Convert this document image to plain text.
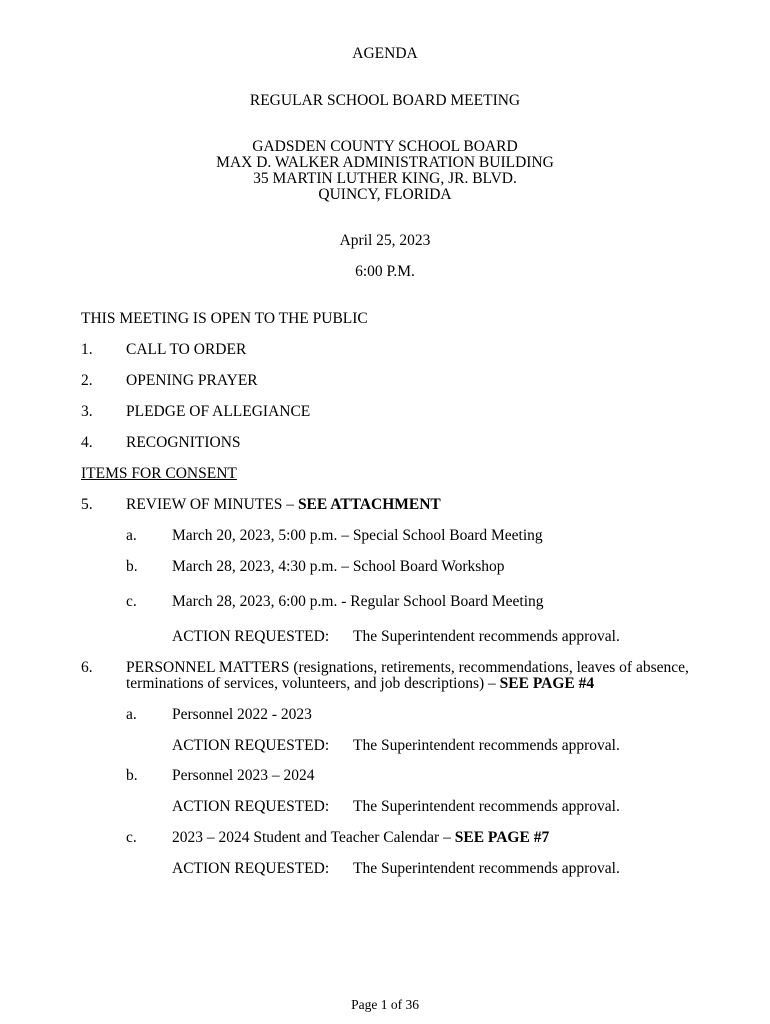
AGENDA
REGULAR SCHOOL BOARD MEETING
GADSDEN COUNTY SCHOOL BOARD
MAX D. WALKER ADMINISTRATION BUILDING
35 MARTIN LUTHER KING, JR. BLVD.
QUINCY, FLORIDA
April 25, 2023
6:00 P.M.
THIS MEETING IS OPEN TO THE PUBLIC
1. CALL TO ORDER
2. OPENING PRAYER
3. PLEDGE OF ALLEGIANCE
4. RECOGNITIONS
ITEMS FOR CONSENT
5. REVIEW OF MINUTES – SEE ATTACHMENT
a. March 20, 2023, 5:00 p.m. – Special School Board Meeting
b. March 28, 2023, 4:30 p.m. – School Board Workshop
c. March 28, 2023, 6:00 p.m. - Regular School Board Meeting
ACTION REQUESTED: The Superintendent recommends approval.
6. PERSONNEL MATTERS (resignations, retirements, recommendations, leaves of absence,
terminations of services, volunteers, and job descriptions) – SEE PAGE #4
a. Personnel 2022 - 2023
ACTION REQUESTED: The Superintendent recommends approval.
b. Personnel 2023 – 2024
ACTION REQUESTED: The Superintendent recommends approval.
c. 2023 – 2024 Student and Teacher Calendar – SEE PAGE #7
ACTION REQUESTED: The Superintendent recommends approval.
Page 1 of 36
